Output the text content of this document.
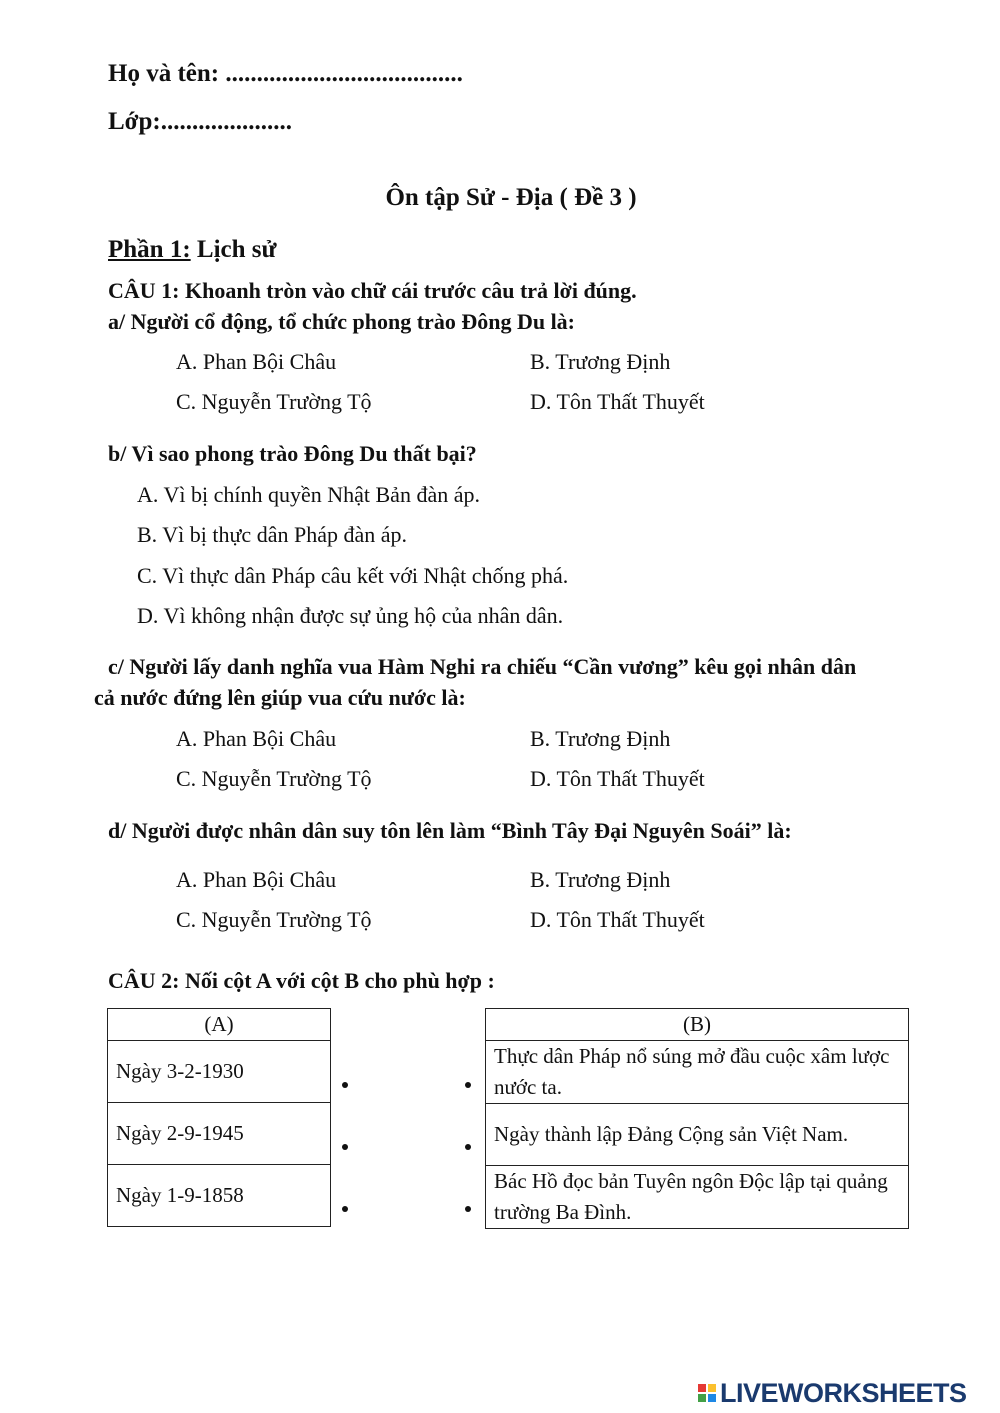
Họ và tên: ......................................
Lớp:.....................
Ôn tập Sử - Địa ( Đề 3 )
Phần 1: Lịch sử
CÂU 1: Khoanh tròn vào chữ cái trước câu trả lời đúng.
a/ Người cổ động, tổ chức phong trào Đông Du là:
A. Phan Bội Châu	B. Trương Định
C. Nguyễn Trường Tộ	D. Tôn Thất Thuyết
b/ Vì sao phong trào Đông Du thất bại?
A. Vì bị chính quyền Nhật Bản đàn áp.
B. Vì bị thực dân Pháp đàn áp.
C. Vì thực dân Pháp câu kết với Nhật chống phá.
D. Vì không nhận được sự ủng hộ của nhân dân.
c/ Người lấy danh nghĩa vua Hàm Nghi ra chiếu “Cần vương” kêu gọi nhân dân
cả nước đứng lên giúp vua cứu nước là:
A. Phan Bội Châu	B. Trương Định
C. Nguyễn Trường Tộ	D. Tôn Thất Thuyết
d/ Người được nhân dân suy tôn lên làm “Bình Tây Đại Nguyên Soái” là:
A. Phan Bội Châu	B. Trương Định
C. Nguyễn Trường Tộ	D. Tôn Thất Thuyết
CÂU 2: Nối cột A với cột B cho phù hợp :
(A)
Ngày 3-2-1930
Ngày 2-9-1945
Ngày 1-9-1858
(B)
Thực dân Pháp nổ súng mở đầu cuộc xâm lược nước ta.
Ngày thành lập Đảng Cộng sản Việt Nam.
Bác Hồ đọc bản Tuyên ngôn Độc lập tại quảng trường Ba Đình.
LIVEWORKSHEETS
